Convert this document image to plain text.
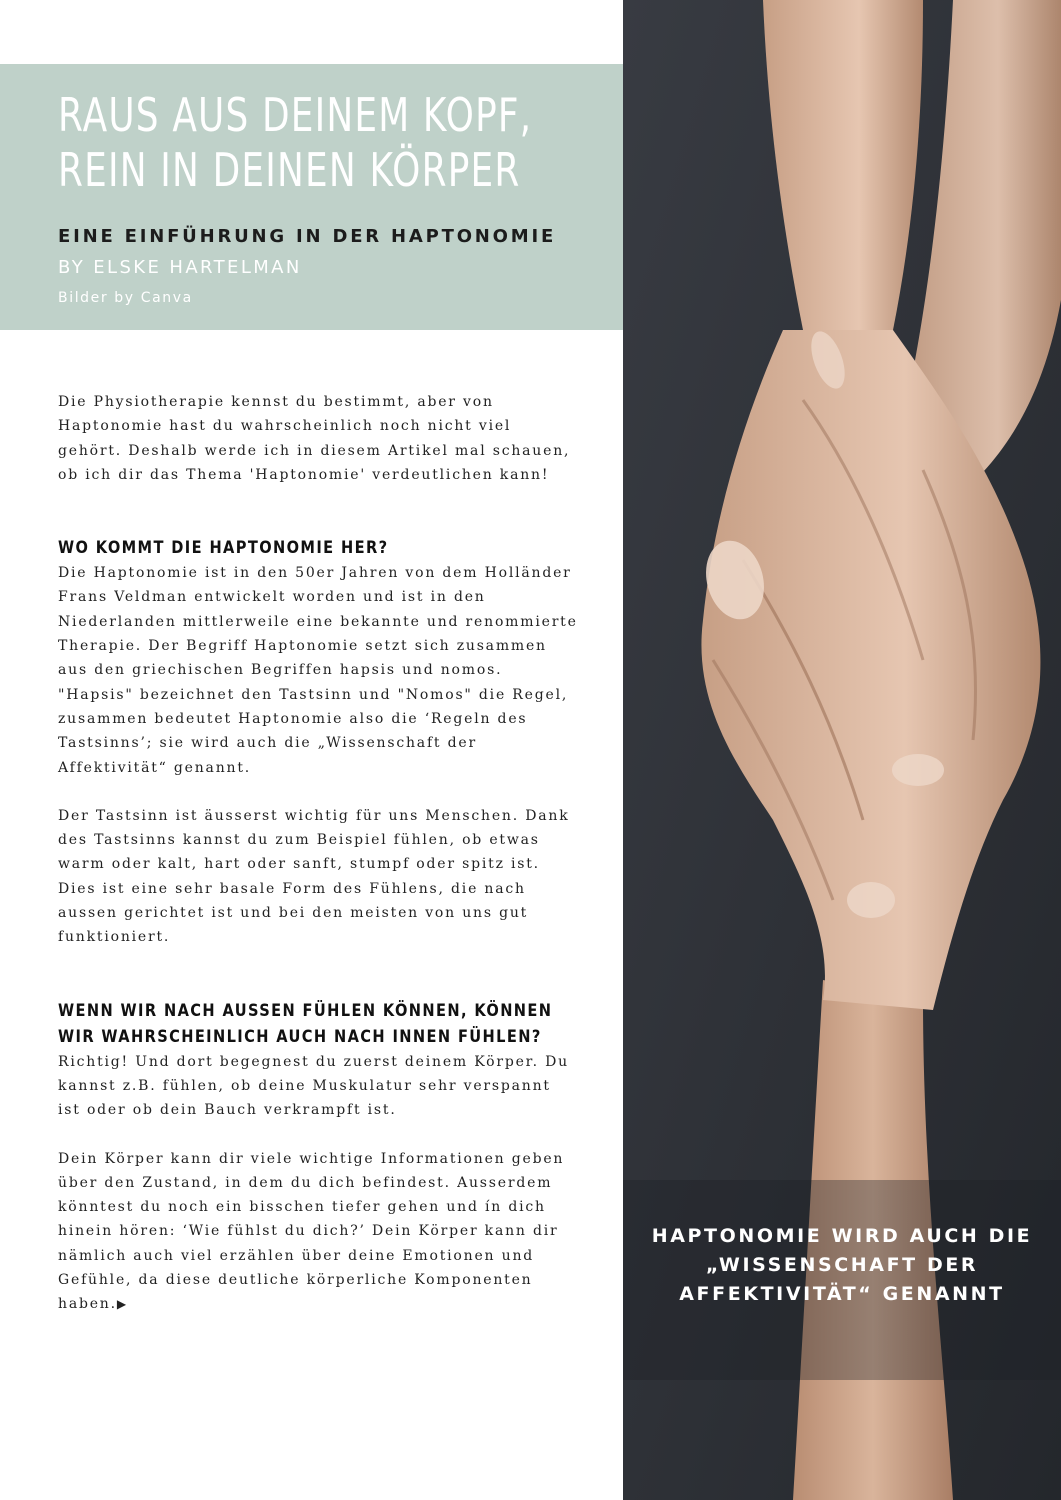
RAUS AUS DEINEM KOPF,
REIN IN DEINEN KÖRPER
EINE EINFÜHRUNG IN DER HAPTONOMIE
BY ELSKE HARTELMAN
Bilder by Canva

Die Physiotherapie kennst du bestimmt, aber von Haptonomie hast du wahrscheinlich noch nicht viel gehört. Deshalb werde ich in diesem Artikel mal schauen, ob ich dir das Thema 'Haptonomie' verdeutlichen kann!

WO KOMMT DIE HAPTONOMIE HER?

Die Haptonomie ist in den 50er Jahren von dem Holländer Frans Veldman entwickelt worden und ist in den Niederlanden mittlerweile eine bekannte und renommierte Therapie. Der Begriff Haptonomie setzt sich zusammen aus den griechischen Begriffen hapsis und nomos. "Hapsis" bezeichnet den Tastsinn und "Nomos" die Regel, zusammen bedeutet Haptonomie also die ‘Regeln des Tastsinns’; sie wird auch die „Wissenschaft der Affektivität“ genannt.

Der Tastsinn ist äusserst wichtig für uns Menschen. Dank des Tastsinns kannst du zum Beispiel fühlen, ob etwas warm oder kalt, hart oder sanft, stumpf oder spitz ist. Dies ist eine sehr basale Form des Fühlens, die nach aussen gerichtet ist und bei den meisten von uns gut funktioniert.

WENN WIR NACH AUSSEN FÜHLEN KÖNNEN, KÖNNEN WIR WAHRSCHEINLICH AUCH NACH INNEN FÜHLEN?

Richtig! Und dort begegnest du zuerst deinem Körper. Du kannst z.B. fühlen, ob deine Muskulatur sehr verspannt ist oder ob dein Bauch verkrampft ist.

Dein Körper kann dir viele wichtige Informationen geben über den Zustand, in dem du dich befindest. Ausserdem könntest du noch ein bisschen tiefer gehen und ín dich hinein hören: ‘Wie fühlst du dich?’ Dein Körper kann dir nämlich auch viel erzählen über deine Emotionen und Gefühle, da diese deutliche körperliche Komponenten haben.▶

HAPTONOMIE WIRD AUCH DIE
„WISSENSCHAFT DER
AFFEKTIVITÄT“ GENANNT
